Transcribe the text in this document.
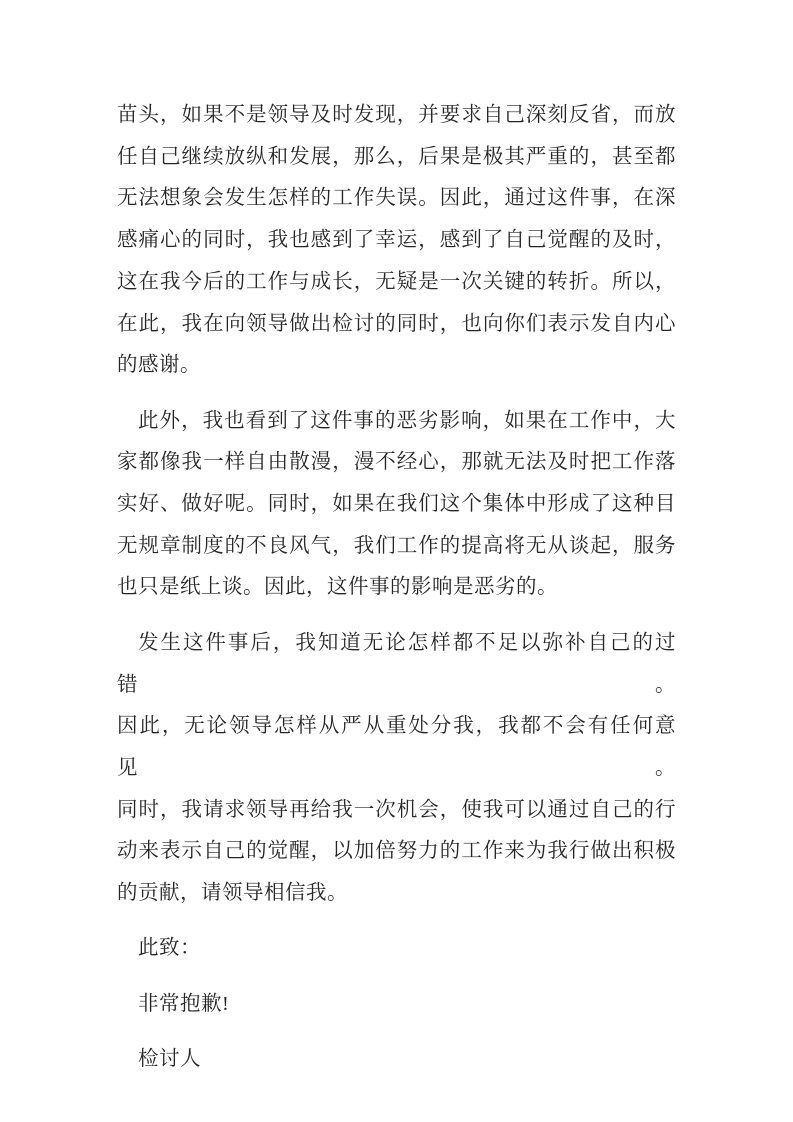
苗头，如果不是领导及时发现，并要求自己深刻反省，而放
任自己继续放纵和发展，那么，后果是极其严重的，甚至都
无法想象会发生怎样的工作失误。因此，通过这件事，在深
感痛心的同时，我也感到了幸运，感到了自己觉醒的及时，
这在我今后的工作与成长，无疑是一次关键的转折。所以，
在此，我在向领导做出检讨的同时，也向你们表示发自内心
的感谢。
此外，我也看到了这件事的恶劣影响，如果在工作中，大
家都像我一样自由散漫，漫不经心，那就无法及时把工作落
实好、做好呢。同时，如果在我们这个集体中形成了这种目
无规章制度的不良风气，我们工作的提高将无从谈起，服务
也只是纸上谈。因此，这件事的影响是恶劣的。
发生这件事后，我知道无论怎样都不足以弥补自己的过错。
因此，无论领导怎样从严从重处分我，我都不会有任何意见。
同时，我请求领导再给我一次机会，使我可以通过自己的行
动来表示自己的觉醒，以加倍努力的工作来为我行做出积极
的贡献，请领导相信我。
此致：
非常抱歉!
检讨人
